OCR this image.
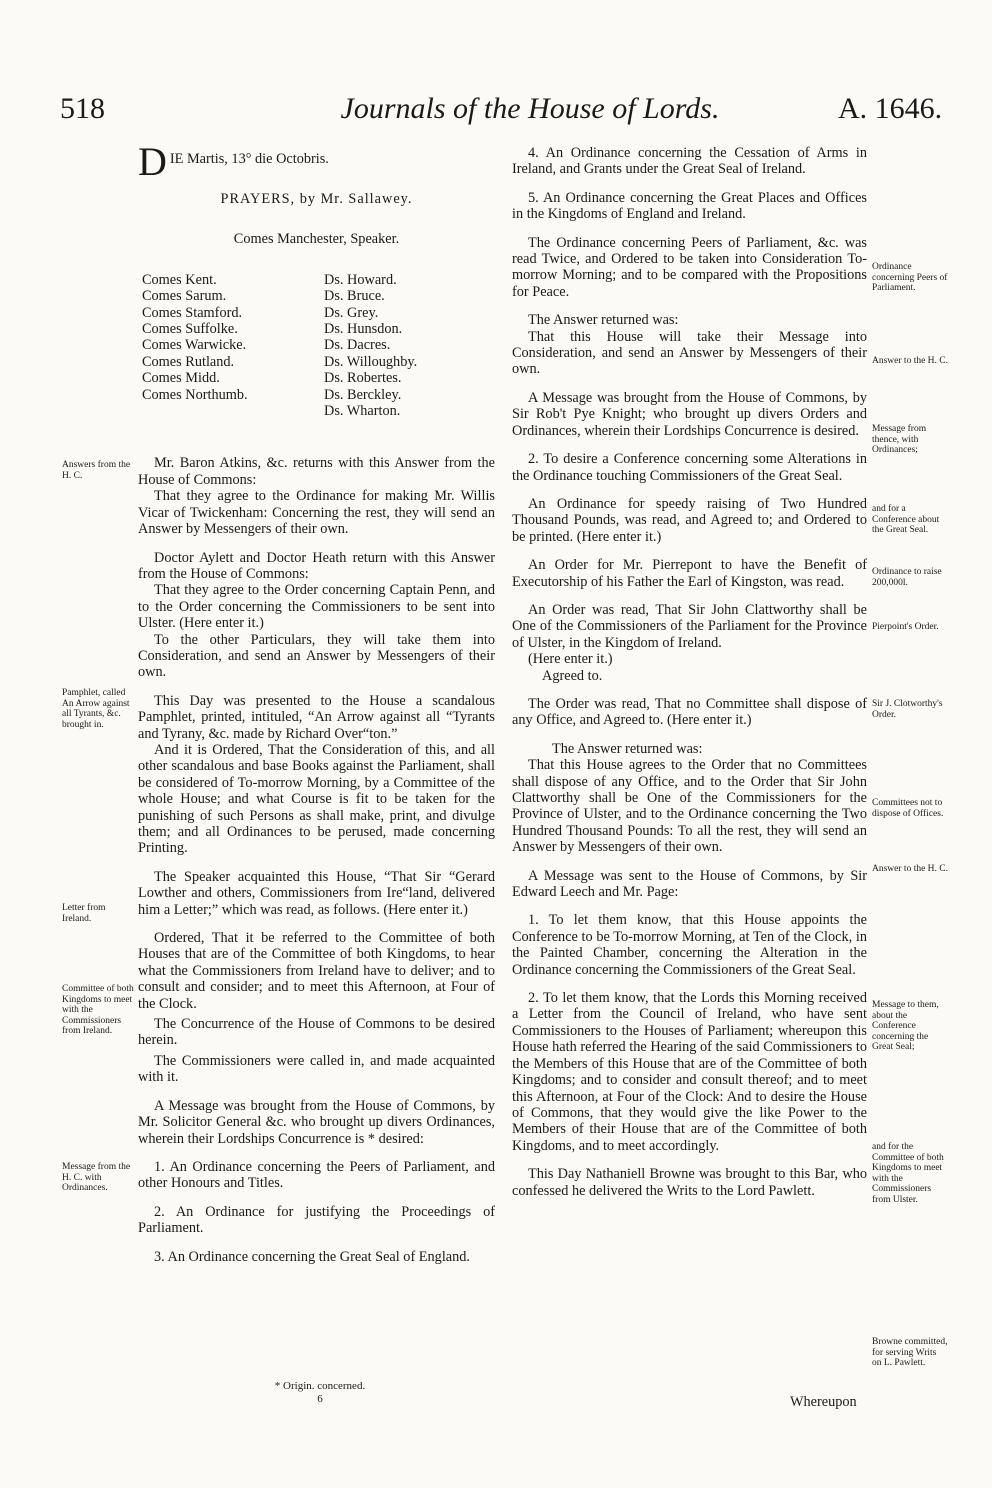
518	Journals of the House of Lords.	A. 1646.

D IE Martis, 13° die Octobris.

PRAYERS, by Mr. Sallawey.

Comes Manchester, Speaker.

Comes Kent.
Comes Sarum.
Comes Stamford.
Comes Suffolke.
Comes Warwicke.
Comes Rutland.
Comes Midd.
Comes Northumb.
Ds. Howard.
Ds. Bruce.
Ds. Grey.
Ds. Hunsdon.
Ds. Dacres.
Ds. Willoughby.
Ds. Robertes.
Ds. Berckley.
Ds. Wharton.

Mr. Baron Atkins, &c. returns with this Answer from the House of Commons:

That they agree to the Ordinance for making Mr. Willis Vicar of Twickenham: Concerning the rest, they will send an Answer by Messengers of their own.

Doctor Aylett and Doctor Heath return with this Answer from the House of Commons:

That they agree to the Order concerning Captain Penn, and to the Order concerning the Commissioners to be sent into Ulster. (Here enter it.)

To the other Particulars, they will take them into Consideration, and send an Answer by Messengers of their own.

This Day was presented to the House a scandalous Pamphlet, printed, intituled, “An Arrow against all “Tyrants and Tyrany, &c. made by Richard Over“ton.”

And it is Ordered, That the Consideration of this, and all other scandalous and base Books against the Parliament, shall be considered of To-morrow Morning, by a Committee of the whole House; and what Course is fit to be taken for the punishing of such Persons as shall make, print, and divulge them; and all Ordinances to be perused, made concerning Printing.

The Speaker acquainted this House, “That Sir “Gerard Lowther and others, Commissioners from Ire“land, delivered him a Letter;” which was read, as follows. (Here enter it.)

Ordered, That it be referred to the Committee of both Houses that are of the Committee of both Kingdoms, to hear what the Commissioners from Ireland have to deliver; and to consult and consider; and to meet this Afternoon, at Four of the Clock.

The Concurrence of the House of Commons to be desired herein.

The Commissioners were called in, and made acquainted with it.

A Message was brought from the House of Commons, by Mr. Solicitor General &c. who brought up divers Ordinances, wherein their Lordships Concurrence is * desired:

1. An Ordinance concerning the Peers of Parliament, and other Honours and Titles.

2. An Ordinance for justifying the Proceedings of Parliament.

3. An Ordinance concerning the Great Seal of England.

* Origin. concerned.
6

4. An Ordinance concerning the Cessation of Arms in Ireland, and Grants under the Great Seal of Ireland.

5. An Ordinance concerning the Great Places and Offices in the Kingdoms of England and Ireland.

The Ordinance concerning Peers of Parliament, &c. was read Twice, and Ordered to be taken into Consideration To-morrow Morning; and to be compared with the Propositions for Peace.

The Answer returned was:

That this House will take their Message into Consideration, and send an Answer by Messengers of their own.

A Message was brought from the House of Commons, by Sir Rob't Pye Knight; who brought up divers Orders and Ordinances, wherein their Lordships Concurrence is desired.

2. To desire a Conference concerning some Alterations in the Ordinance touching Commissioners of the Great Seal.

An Ordinance for speedy raising of Two Hundred Thousand Pounds, was read, and Agreed to; and Ordered to be printed. (Here enter it.)

An Order for Mr. Pierrepont to have the Benefit of Executorship of his Father the Earl of Kingston, was read.

An Order was read, That Sir John Clattworthy shall be One of the Commissioners of the Parliament for the Province of Ulster, in the Kingdom of Ireland.

(Here enter it.)

Agreed to.

The Order was read, That no Committee shall dispose of any Office, and Agreed to. (Here enter it.)

The Answer returned was:

That this House agrees to the Order that no Committees shall dispose of any Office, and to the Order that Sir John Clattworthy shall be One of the Commissioners for the Province of Ulster, and to the Ordinance concerning the Two Hundred Thousand Pounds: To all the rest, they will send an Answer by Messengers of their own.

A Message was sent to the House of Commons, by Sir Edward Leech and Mr. Page:

1. To let them know, that this House appoints the Conference to be To-morrow Morning, at Ten of the Clock, in the Painted Chamber, concerning the Alteration in the Ordinance concerning the Commissioners of the Great Seal.

2. To let them know, that the Lords this Morning received a Letter from the Council of Ireland, who have sent Commissioners to the Houses of Parliament; whereupon this House hath referred the Hearing of the said Commissioners to the Members of this House that are of the Committee of both Kingdoms; and to consider and consult thereof; and to meet this Afternoon, at Four of the Clock: And to desire the House of Commons, that they would give the like Power to the Members of their House that are of the Committee of both Kingdoms, and to meet accordingly.

This Day Nathaniell Browne was brought to this Bar, who confessed he delivered the Writs to the Lord Pawlett.

Whereupon
Answers from the H. C.
Pamphlet, called An Arrow against all Tyrants, &c. brought in.
Letter from Ireland.
Committee of both Kingdoms to meet with the Commissioners from Ireland.
Message from the H. C. with Ordinances.
Ordinance concerning Peers of Parliament.
Answer to the H. C.
Message from thence, with Ordinances;
and for a Conference about the Great Seal.
Ordinance to raise 200,000l.
Pierpoint's Order.
Sir J. Clotworthy's Order.
Committees not to dispose of Offices.
Answer to the H. C.
Message to them, about the Conference concerning the Great Seal;
and for the Committee of both Kingdoms to meet with the Commissioners from Ulster.
Browne committed, for serving Writs on L. Pawlett.
